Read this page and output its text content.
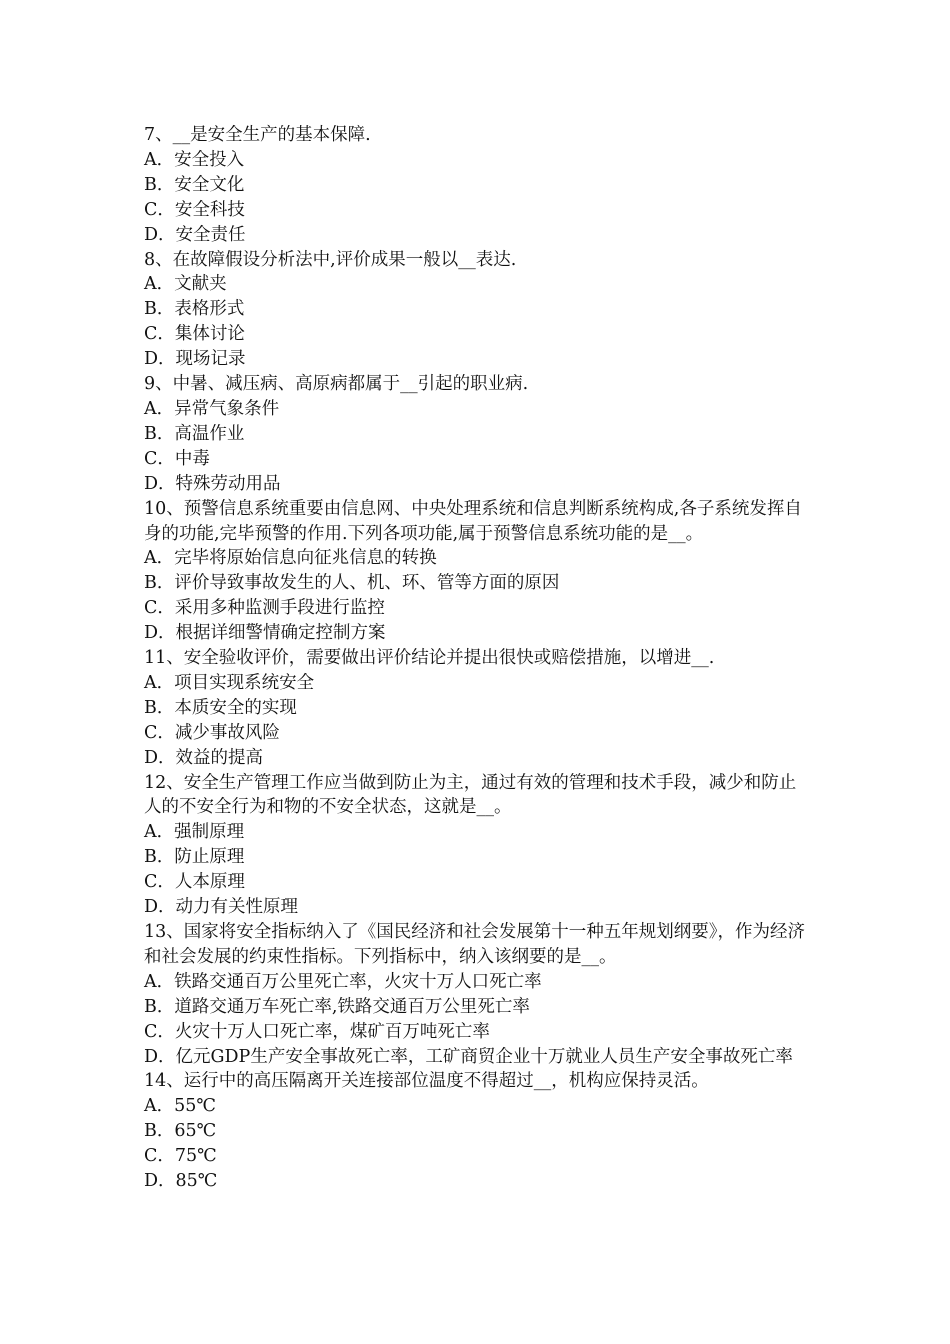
7、__是安全生产的基本保障.

A．安全投入

B．安全文化

C．安全科技

D．安全责任

8、在故障假设分析法中,评价成果一般以__表达.

A．文献夹

B．表格形式

C．集体讨论

D．现场记录

9、中暑、减压病、高原病都属于__引起的职业病.

A．异常气象条件

B．高温作业

C．中毒

D．特殊劳动用品

10、预警信息系统重要由信息网、中央处理系统和信息判断系统构成,各子系统发挥自身的功能,完毕预警的作用.下列各项功能,属于预警信息系统功能的是__。

A．完毕将原始信息向征兆信息的转换

B．评价导致事故发生的人、机、环、管等方面的原因

C．采用多种监测手段进行监控

D．根据详细警情确定控制方案

11、安全验收评价，需要做出评价结论并提出很快或赔偿措施，以增进__.

A．项目实现系统安全

B．本质安全的实现

C．减少事故风险

D．效益的提高

12、安全生产管理工作应当做到防止为主，通过有效的管理和技术手段，减少和防止人的不安全行为和物的不安全状态，这就是__。

A．强制原理

B．防止原理

C．人本原理

D．动力有关性原理

13、国家将安全指标纳入了《国民经济和社会发展第十一种五年规划纲要》，作为经济和社会发展的约束性指标。下列指标中，纳入该纲要的是__。

A．铁路交通百万公里死亡率，火灾十万人口死亡率

B．道路交通万车死亡率,铁路交通百万公里死亡率

C．火灾十万人口死亡率，煤矿百万吨死亡率

D．亿元GDP生产安全事故死亡率，工矿商贸企业十万就业人员生产安全事故死亡率

14、运行中的高压隔离开关连接部位温度不得超过__，机构应保持灵活。

A．55℃

B．65℃

C．75℃

D．85℃
